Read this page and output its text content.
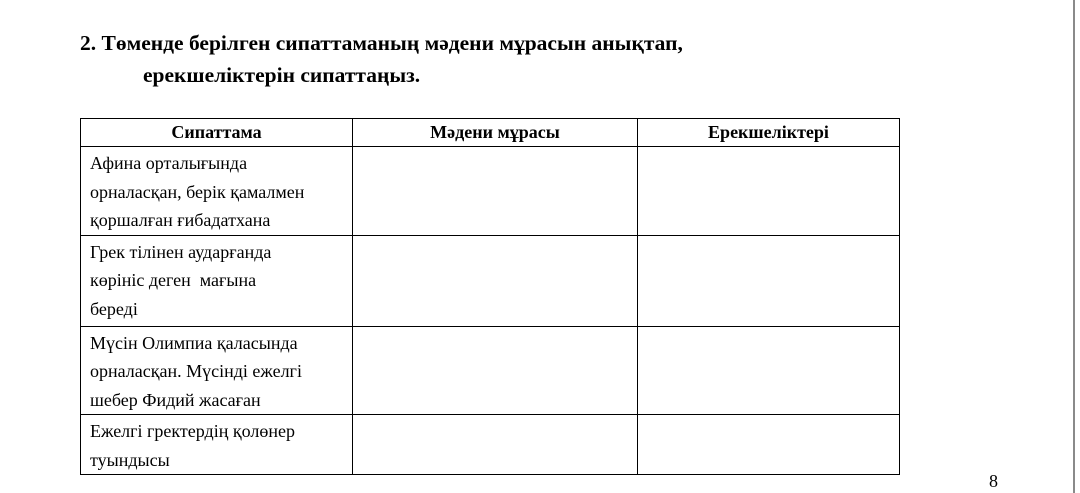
2. Төменде берілген сипаттаманың мәдени мұрасын анықтап,
ерекшеліктерін сипаттаңыз.
Сипаттама	Мәдени мұрасы	Ерекшеліктері

Афина орталығында
орналасқан, берік қамалмен
қоршалған ғибадатхана		

Грек тілінен аударғанда
көрініс деген  мағына
береді		

Мүсін Олимпиа қаласында
орналасқан. Мүсінді ежелгі
шебер Фидий жасаған		

Ежелгі гректердің қолөнер
туындысы		

8
